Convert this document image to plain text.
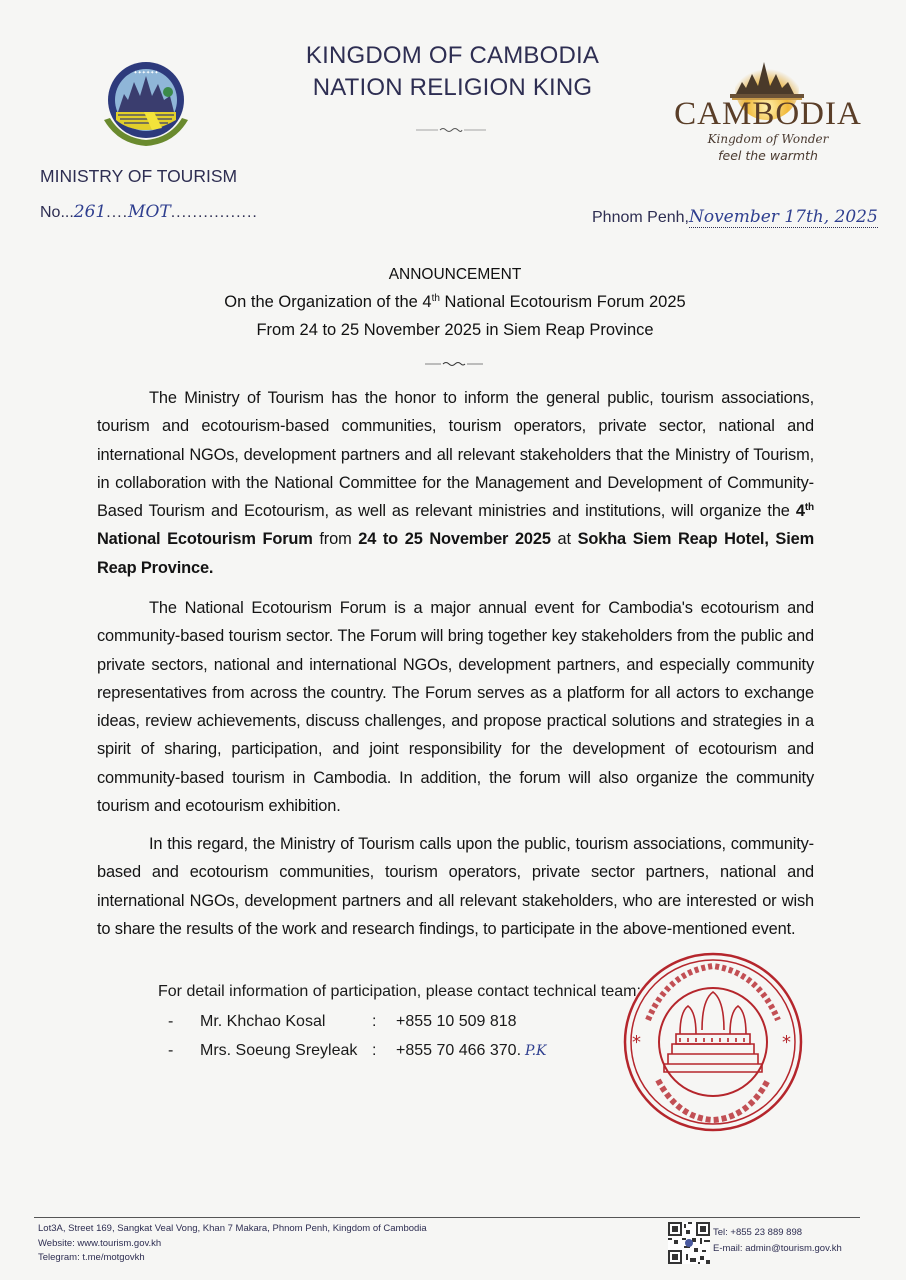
KINGDOM OF CAMBODIA
NATION RELIGION KING
✦✦✦✦✦✦
MINISTRY OF TOURISM
No...261....MOT................
CAMBODIA
Kingdom of Wonder
feel the warmth
Phnom Penh,November 17th, 2025
ANNOUNCEMENT
On the Organization of the 4th National Ecotourism Forum 2025
From 24 to 25 November 2025 in Siem Reap Province

The Ministry of Tourism has the honor to inform the general public, tourism associations, tourism and ecotourism-based communities, tourism operators, private sector, national and international NGOs, development partners and all relevant stakeholders that the Ministry of Tourism, in collaboration with the National Committee for the Management and Development of Community-Based Tourism and Ecotourism, as well as relevant ministries and institutions, will organize the 4th National Ecotourism Forum from 24 to 25 November 2025 at Sokha Siem Reap Hotel, Siem Reap Province.

The National Ecotourism Forum is a major annual event for Cambodia's ecotourism and community-based tourism sector. The Forum will bring together key stakeholders from the public and private sectors, national and international NGOs, development partners, and especially community representatives from across the country. The Forum serves as a platform for all actors to exchange ideas, review achievements, discuss challenges, and propose practical solutions and strategies in a spirit of sharing, participation, and joint responsibility for the development of ecotourism and community-based tourism in Cambodia. In addition, the forum will also organize the community tourism and ecotourism exhibition.

In this regard, the Ministry of Tourism calls upon the public, tourism associations, community-based and ecotourism communities, tourism operators, private sector partners, national and international NGOs, development partners and all relevant stakeholders, who are interested or wish to share the results of the work and research findings, to participate in the above-mentioned event.

For detail information of participation, please contact technical team:
- Mr. Khchao Kosal	: +855 10 509 818
- Mrs. Soeung Sreyleak : +855 70 466 370. P.K	*	*
Lot3A, Street 169, Sangkat Veal Vong, Khan 7 Makara, Phnom Penh, Kingdom of Cambodia
Website: www.tourism.gov.kh
Telegram: t.me/motgovkh
Tel: +855 23 889 898
E-mail: admin@tourism.gov.kh
